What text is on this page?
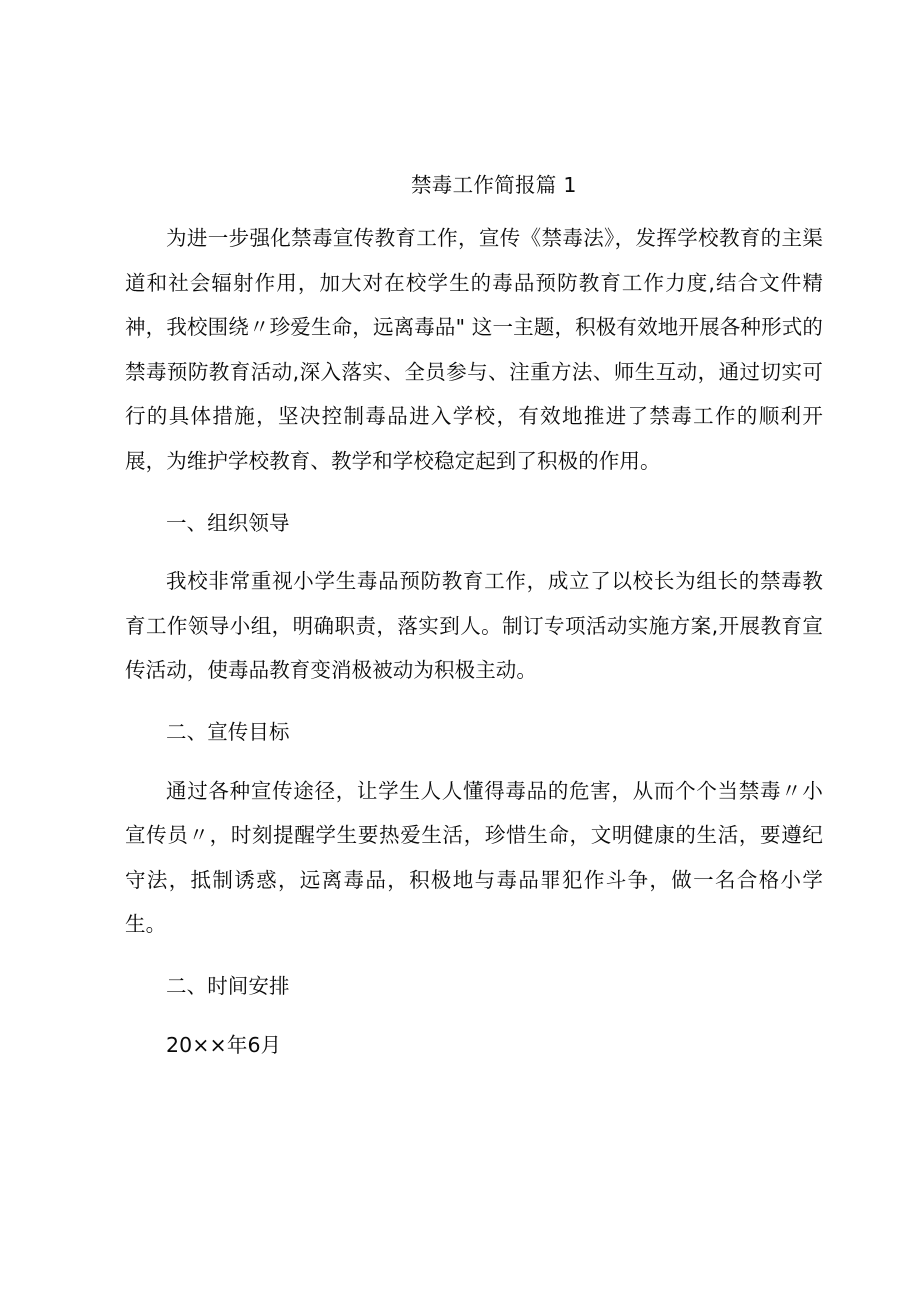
禁毒工作简报篇 1

为进一步强化禁毒宣传教育工作，宣传《禁毒法》，发挥学校教育的主渠道和社会辐射作用，加大对在校学生的毒品预防教育工作力度,结合文件精神，我校围绕〃珍爱生命，远离毒品" 这一主题，积极有效地开展各种形式的禁毒预防教育活动,深入落实、全员参与、注重方法、师生互动，通过切实可行的具体措施，坚决控制毒品进入学校，有效地推进了禁毒工作的顺利开展，为维护学校教育、教学和学校稳定起到了积极的作用。

一、组织领导

我校非常重视小学生毒品预防教育工作，成立了以校长为组长的禁毒教育工作领导小组，明确职责，落实到人。制订专项活动实施方案,开展教育宣传活动，使毒品教育变消极被动为积极主动。

二、宣传目标

通过各种宣传途径，让学生人人懂得毒品的危害，从而个个当禁毒〃小宣传员〃，时刻提醒学生要热爱生活，珍惜生命，文明健康的生活，要遵纪守法，抵制诱惑，远离毒品，积极地与毒品罪犯作斗争，做一名合格小学生。

二、时间安排

20××年6月
